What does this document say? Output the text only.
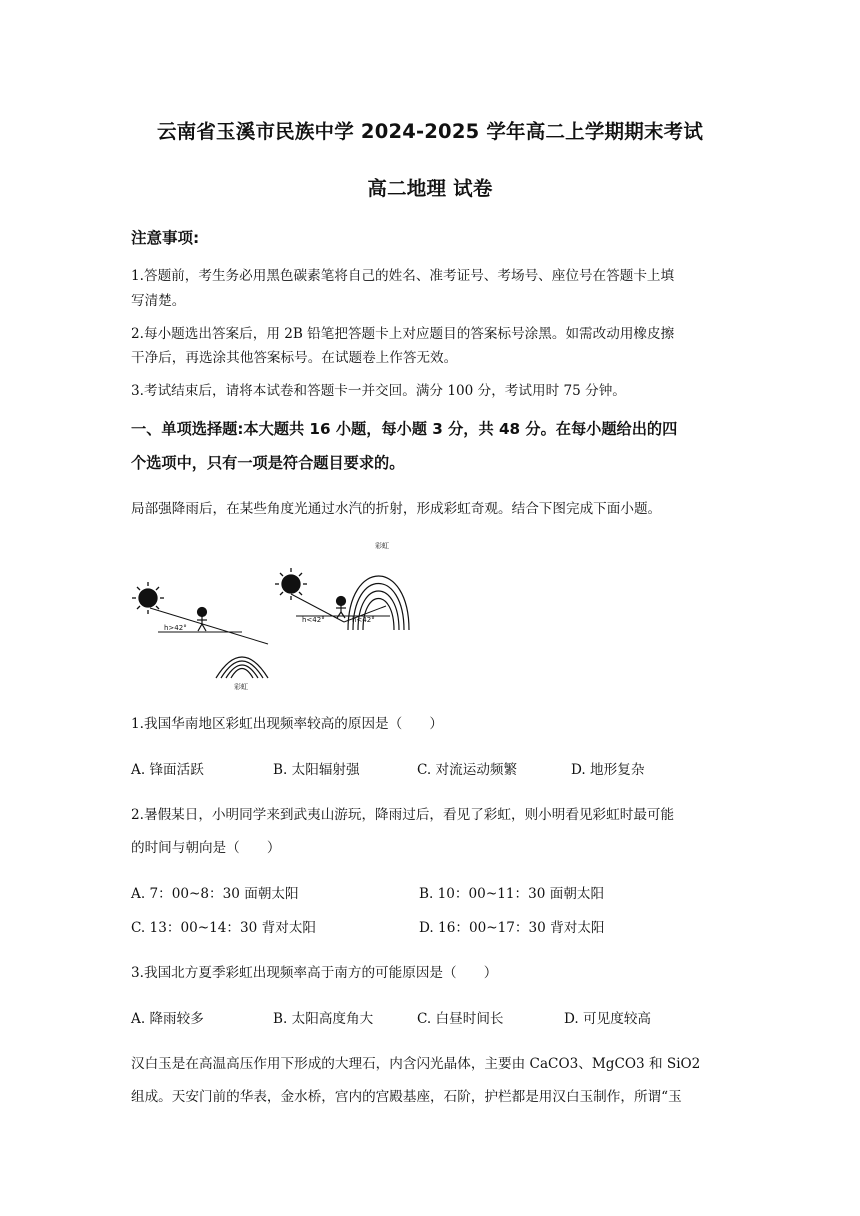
云南省玉溪市民族中学 2024-2025 学年高二上学期期末考试
高二地理 试卷
注意事项:
1.答题前，考生务必用黑色碳素笔将自己的姓名、准考证号、考场号、座位号在答题卡上填
写清楚。
2.每小题选出答案后，用 2B 铅笔把答题卡上对应题目的答案标号涂黑。如需改动用橡皮擦
干净后，再选涂其他答案标号。在试题卷上作答无效。
3.考试结束后，请将本试卷和答题卡一并交回。满分 100 分，考试用时 75 分钟。
一、单项选择题:本大题共 16 小题，每小题 3 分，共 48 分。在每小题给出的四
个选项中，只有一项是符合题目要求的。
局部强降雨后，在某些角度光通过水汽的折射，形成彩虹奇观。结合下图完成下面小题。
h>42°
彩虹
h<42°	h<42°
彩虹
1.我国华南地区彩虹出现频率较高的原因是（　　）
A. 锋面活跃	B. 太阳辐射强	C. 对流运动频繁	D. 地形复杂
2.暑假某日，小明同学来到武夷山游玩，降雨过后，看见了彩虹，则小明看见彩虹时最可能
的时间与朝向是（　　）
A. 7：00~8：30 面朝太阳	B. 10：00~11：30 面朝太阳
C. 13：00~14：30 背对太阳	D. 16：00~17：30 背对太阳
3.我国北方夏季彩虹出现频率高于南方的可能原因是（　　）
A. 降雨较多	B. 太阳高度角大	C. 白昼时间长	D. 可见度较高
汉白玉是在高温高压作用下形成的大理石，内含闪光晶体，主要由 CaCO3、MgCO3 和 SiO2
组成。天安门前的华表，金水桥，宫内的宫殿基座，石阶，护栏都是用汉白玉制作，所谓“玉
